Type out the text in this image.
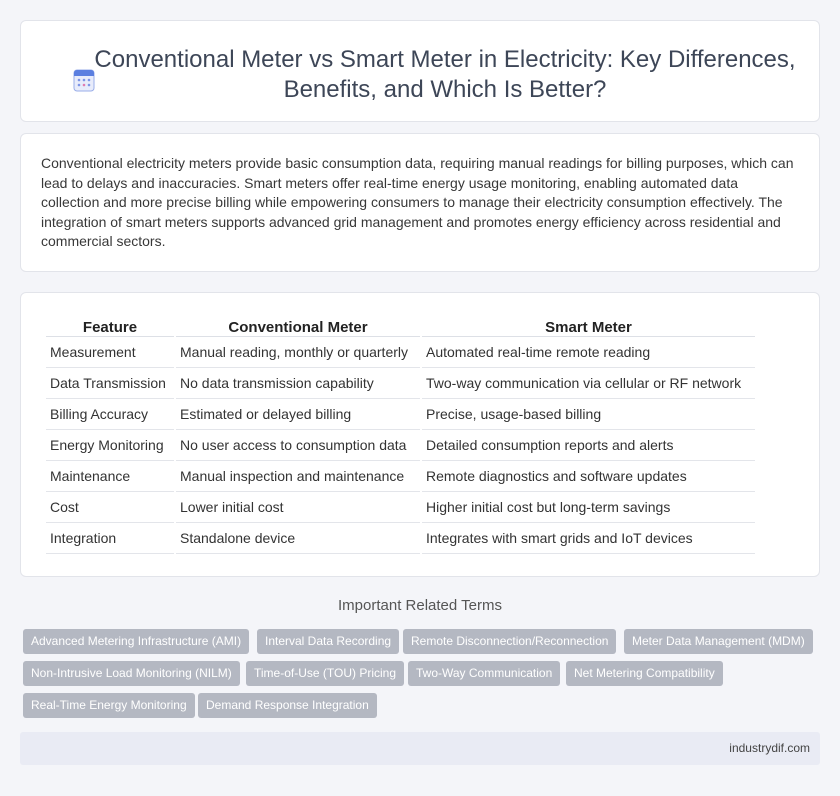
Conventional Meter vs Smart Meter in Electricity: Key Differences, Benefits, and Which Is Better?

Conventional electricity meters provide basic consumption data, requiring manual readings for billing purposes, which can lead to delays and inaccuracies. Smart meters offer real-time energy usage monitoring, enabling automated data collection and more precise billing while empowering consumers to manage their electricity consumption effectively. The integration of smart meters supports advanced grid management and promotes energy efficiency across residential and commercial sectors.

Feature	Conventional Meter	Smart Meter
Measurement	Manual reading, monthly or quarterly	Automated real-time remote reading
Data Transmission	No data transmission capability	Two-way communication via cellular or RF network
Billing Accuracy	Estimated or delayed billing	Precise, usage-based billing
Energy Monitoring	No user access to consumption data	Detailed consumption reports and alerts
Maintenance	Manual inspection and maintenance	Remote diagnostics and software updates
Cost	Lower initial cost	Higher initial cost but long-term savings
Integration	Standalone device	Integrates with smart grids and IoT devices
Important Related Terms
Advanced Metering Infrastructure (AMI)	Interval Data Recording	Remote Disconnection/Reconnection	Meter Data Management (MDM)
Non-Intrusive Load Monitoring (NILM)	Time-of-Use (TOU) Pricing	Two-Way Communication	Net Metering Compatibility
Real-Time Energy Monitoring	Demand Response Integration
industrydif.com
